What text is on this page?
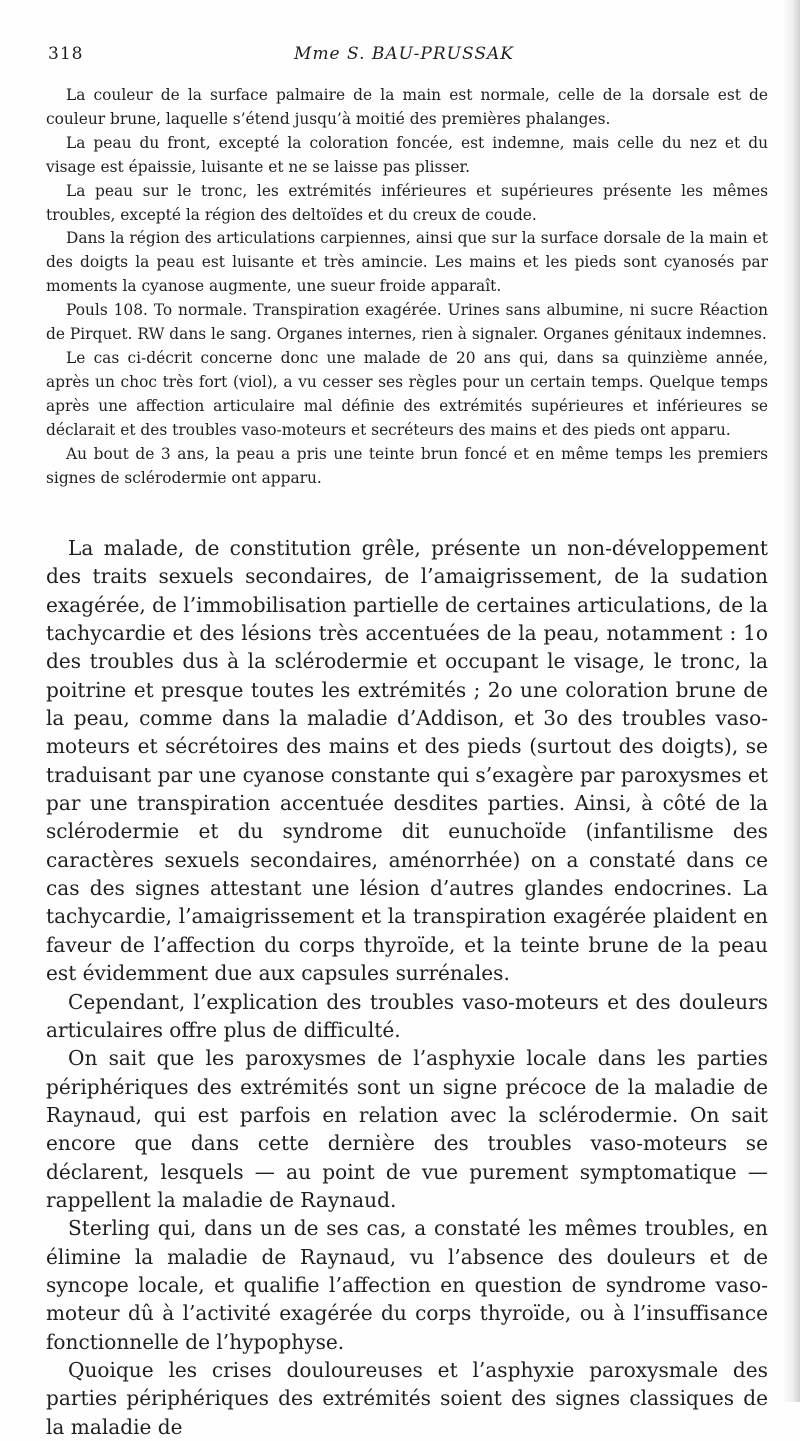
318	Mme S. BAU-PRUSSAK

La couleur de la surface palmaire de la main est normale, celle de la dorsale est de couleur brune, laquelle s’étend jusqu’à moitié des premières phalanges.

La peau du front, excepté la coloration foncée, est indemne, mais celle du nez et du visage est épaissie, luisante et ne se laisse pas plisser.

La peau sur le tronc, les extrémités inférieures et supérieures présente les mêmes troubles, excepté la région des deltoïdes et du creux de coude.

Dans la région des articulations carpiennes, ainsi que sur la surface dorsale de la main et des doigts la peau est luisante et très amincie. Les mains et les pieds sont cyanosés par moments la cyanose augmente, une sueur froide apparaît.

Pouls 108. To normale. Transpiration exagérée. Urines sans albumine, ni sucre Réaction de Pirquet. RW dans le sang. Organes internes, rien à signaler. Organes génitaux indemnes.

Le cas ci-décrit concerne donc une malade de 20 ans qui, dans sa quinzième année, après un choc très fort (viol), a vu cesser ses règles pour un certain temps. Quelque temps après une affection articulaire mal définie des extrémités supérieures et inférieures se déclarait et des troubles vaso-moteurs et secréteurs des mains et des pieds ont apparu.

Au bout de 3 ans, la peau a pris une teinte brun foncé et en même temps les premiers signes de sclérodermie ont apparu.

La malade, de constitution grêle, présente un non-développement des traits sexuels secondaires, de l’amaigrissement, de la sudation exagérée, de l’immobilisation partielle de certaines articulations, de la tachycardie et des lésions très accentuées de la peau, notamment : 1o des troubles dus à la sclérodermie et occupant le visage, le tronc, la poitrine et presque toutes les extrémités ; 2o une coloration brune de la peau, comme dans la maladie d’Addison, et 3o des troubles vaso-moteurs et sécrétoires des mains et des pieds (surtout des doigts), se traduisant par une cyanose constante qui s’exagère par paroxysmes et par une transpiration accentuée desdites parties. Ainsi, à côté de la sclérodermie et du syndrome dit eunuchoïde (infantilisme des caractères sexuels secondaires, aménorrhée) on a constaté dans ce cas des signes attestant une lésion d’autres glandes endocrines. La tachycardie, l’amaigrissement et la transpiration exagérée plaident en faveur de l’affection du corps thyroïde, et la teinte brune de la peau est évidemment due aux capsules surrénales.

Cependant, l’explication des troubles vaso-moteurs et des douleurs articulaires offre plus de difficulté.

On sait que les paroxysmes de l’asphyxie locale dans les parties périphériques des extrémités sont un signe précoce de la maladie de Raynaud, qui est parfois en relation avec la sclérodermie. On sait encore que dans cette dernière des troubles vaso-moteurs se déclarent, lesquels — au point de vue purement symptomatique — rappellent la maladie de Raynaud.

Sterling qui, dans un de ses cas, a constaté les mêmes troubles, en élimine la maladie de Raynaud, vu l’absence des douleurs et de syncope locale, et qualifie l’affection en question de syndrome vaso-moteur dû à l’activité exagérée du corps thyroïde, ou à l’insuffisance fonctionnelle de l’hypophyse.

Quoique les crises douloureuses et l’asphyxie paroxysmale des parties périphériques des extrémités soient des signes classiques de la maladie de
